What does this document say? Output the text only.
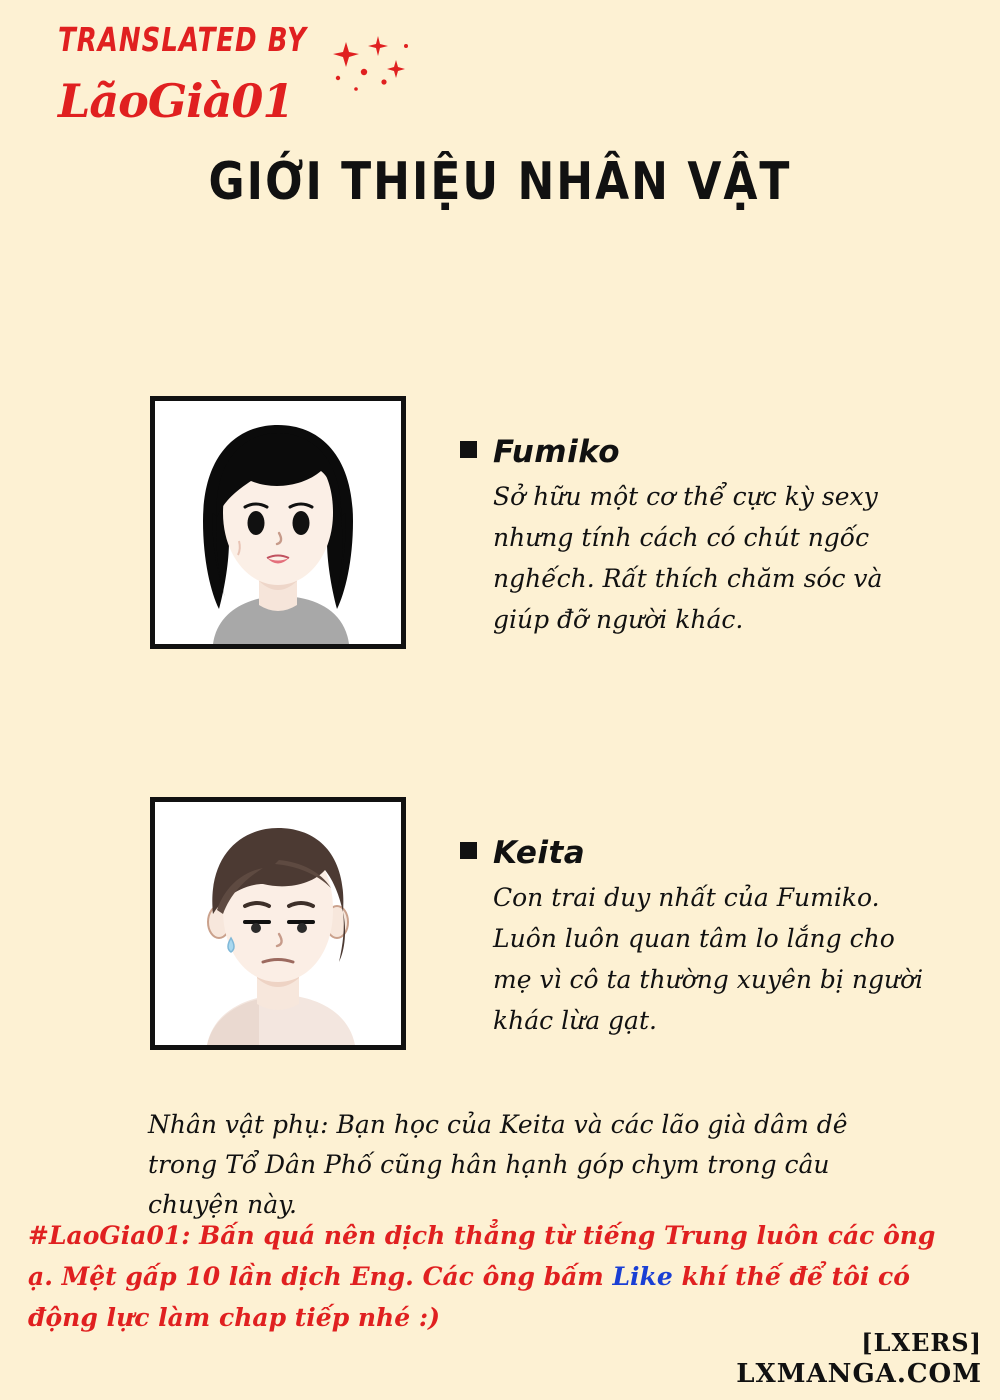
TRANSLATED BY
LãoGià01
GIỚI THIỆU NHÂN VẬT
Fumiko
Sở hữu một cơ thể cực kỳ sexy nhưng tính cách có chút ngốc nghếch. Rất thích chăm sóc và giúp đỡ người khác.
Keita
Con trai duy nhất của Fumiko. Luôn luôn quan tâm lo lắng cho mẹ vì cô ta thường xuyên bị người khác lừa gạt.
Nhân vật phụ: Bạn học của Keita và các lão già dâm dê trong Tổ Dân Phố cũng hân hạnh góp chym trong câu chuyện này.
#LaoGia01: Bấn quá nên dịch thẳng từ tiếng Trung luôn các ông ạ. Mệt gấp 10 lần dịch Eng. Các ông bấm Like khí thế để tôi có động lực làm chap tiếp nhé :)
[LXERS]
LXMANGA.COM
